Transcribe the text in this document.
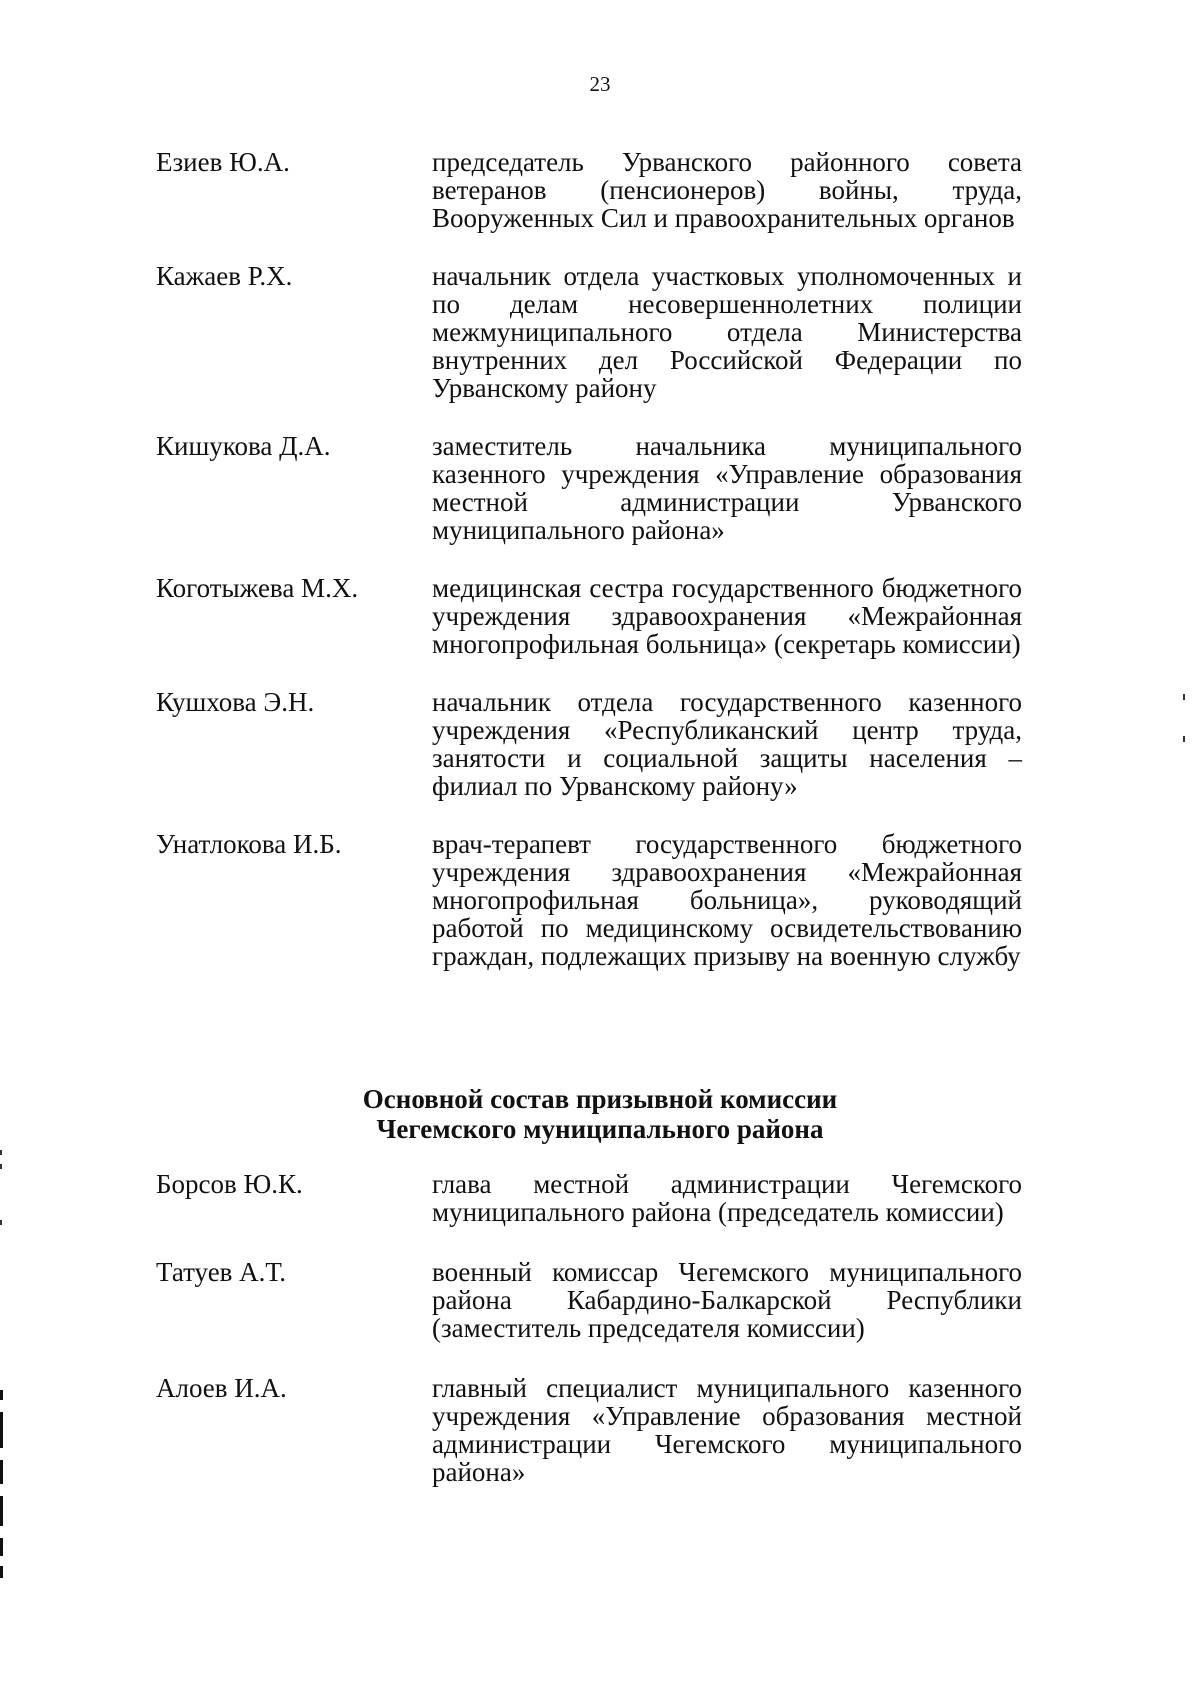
23
Езиев Ю.А.	председатель Урванского районного совета ветеранов (пенсионеров) войны, труда, Вооруженных Сил и правоохранительных органов
Кажаев Р.Х.	начальник отдела участковых уполномоченных и по делам несовершеннолетних полиции межмуниципального отдела Министерства внутренних дел Российской Федерации по Урванскому району
Кишукова Д.А.	заместитель начальника муниципального казенного учреждения «Управление образования местной администрации Урванского муниципального района»
Коготыжева М.Х.	медицинская сестра государственного бюджетного учреждения здравоохранения «Межрайонная многопрофильная больница» (секретарь комиссии)
Кушхова Э.Н.	начальник отдела государственного казенного учреждения «Республиканский центр труда, занятости и социальной защиты населения – филиал по Урванскому району»
Унатлокова И.Б.	врач-терапевт государственного бюджетного учреждения здравоохранения «Межрайонная многопрофильная больница», руководящий работой по медицинскому освидетельствованию граждан, подлежащих призыву на военную службу
Основной состав призывной комиссии
Чегемского муниципального района
Борсов Ю.К.	глава местной администрации Чегемского муниципального района (председатель комиссии)
Татуев А.Т.	военный комиссар Чегемского муниципального района Кабардино-Балкарской Республики (заместитель председателя комиссии)
Алоев И.А.	главный специалист муниципального казенного учреждения «Управление образования местной администрации Чегемского муниципального района»
